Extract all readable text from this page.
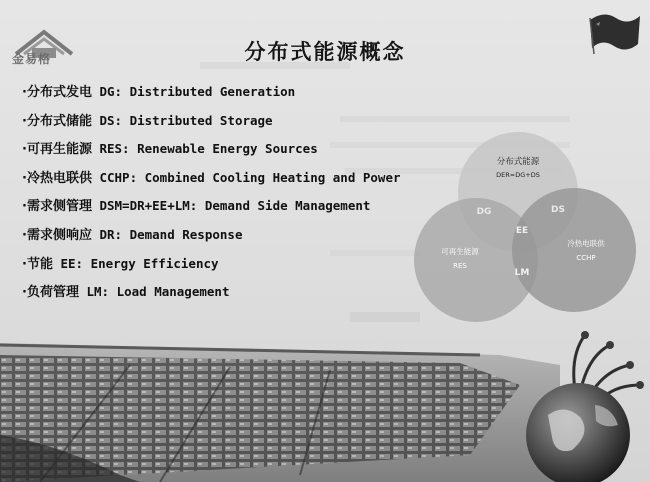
金易格	分布式能源概念
·分布式发电 DG: Distributed Generation
·分布式储能 DS: Distributed Storage
·可再生能源 RES: Renewable Energy Sources
·冷热电联供 CCHP: Combined Cooling Heating and Power
·需求侧管理 DSM=DR+EE+LM: Demand Side Management
·需求侧响应 DR: Demand Response
·节能 EE: Energy Efficiency
·负荷管理 LM: Load Management
分布式能源
DER=DG+DS
DG	DS
EE
LM
可再生能源
RES
冷热电联供
CCHP
